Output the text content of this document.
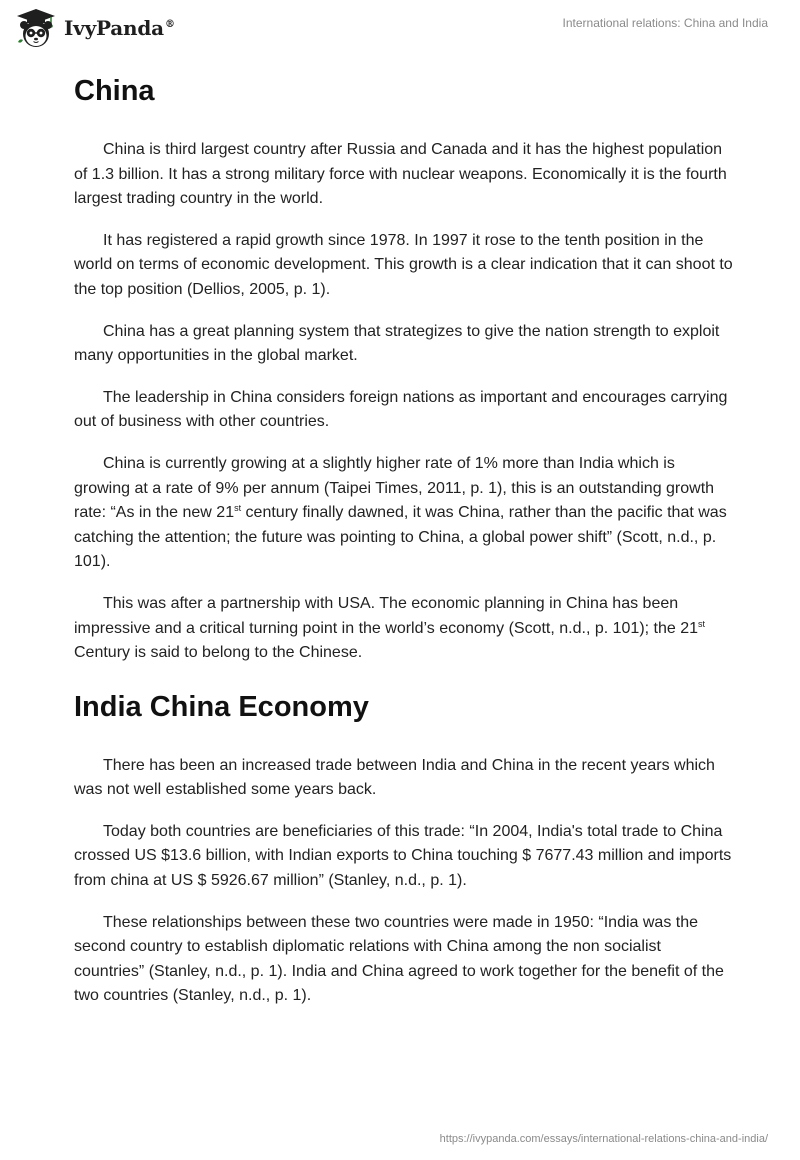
IvyPanda®	International relations: China and India
China

China is third largest country after Russia and Canada and it has the highest population of 1.3 billion. It has a strong military force with nuclear weapons. Economically it is the fourth largest trading country in the world.

It has registered a rapid growth since 1978. In 1997 it rose to the tenth position in the world on terms of economic development. This growth is a clear indication that it can shoot to the top position (Dellios, 2005, p. 1).

China has a great planning system that strategizes to give the nation strength to exploit many opportunities in the global market.

The leadership in China considers foreign nations as important and encourages carrying out of business with other countries.

China is currently growing at a slightly higher rate of 1% more than India which is growing at a rate of 9% per annum (Taipei Times, 2011, p. 1), this is an outstanding growth rate: “As in the new 21st century finally dawned, it was China, rather than the pacific that was catching the attention; the future was pointing to China, a global power shift” (Scott, n.d., p. 101).

This was after a partnership with USA. The economic planning in China has been impressive and a critical turning point in the world’s economy (Scott, n.d., p. 101); the 21st Century is said to belong to the Chinese.

India China Economy

There has been an increased trade between India and China in the recent years which was not well established some years back.

Today both countries are beneficiaries of this trade: “In 2004, India's total trade to China crossed US $13.6 billion, with Indian exports to China touching $ 7677.43 million and imports from china at US $ 5926.67 million” (Stanley, n.d., p. 1).

These relationships between these two countries were made in 1950: “India was the second country to establish diplomatic relations with China among the non socialist countries” (Stanley, n.d., p. 1). India and China agreed to work together for the benefit of the two countries (Stanley, n.d., p. 1).

https://ivypanda.com/essays/international-relations-china-and-india/
